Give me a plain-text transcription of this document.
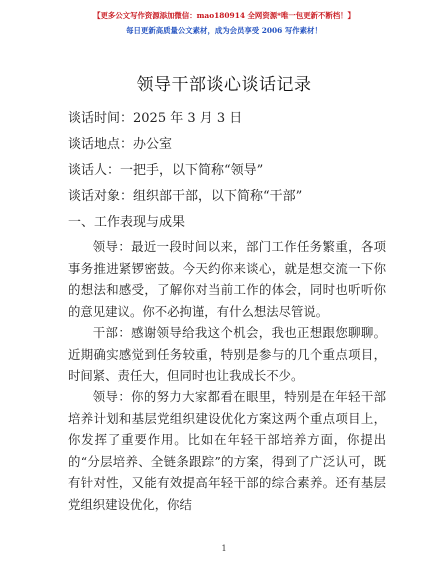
【更多公文写作资源添加微信：mao180914 全网资源*唯一包更新不断档！】
每日更新高质量公文素材，成为会员享受 2006 写作素材！
领导干部谈心谈话记录
谈话时间：2025 年 3 月 3 日
谈话地点：办公室
谈话人：一把手，以下简称“领导”
谈话对象：组织部干部，以下简称“干部”
一、工作表现与成果
领导：最近一段时间以来，部门工作任务繁重，各项事务推进紧锣密鼓。今天约你来谈心，就是想交流一下你的想法和感受，了解你对当前工作的体会，同时也听听你的意见建议。你不必拘谨，有什么想法尽管说。
干部：感谢领导给我这个机会，我也正想跟您聊聊。近期确实感觉到任务较重，特别是参与的几个重点项目，时间紧、责任大，但同时也让我成长不少。
领导：你的努力大家都看在眼里，特别是在年轻干部培养计划和基层党组织建设优化方案这两个重点项目上，你发挥了重要作用。比如在年轻干部培养方面，你提出的“分层培养、全链条跟踪”的方案，得到了广泛认可，既有针对性，又能有效提高年轻干部的综合素养。还有基层党组织建设优化，你结
1
